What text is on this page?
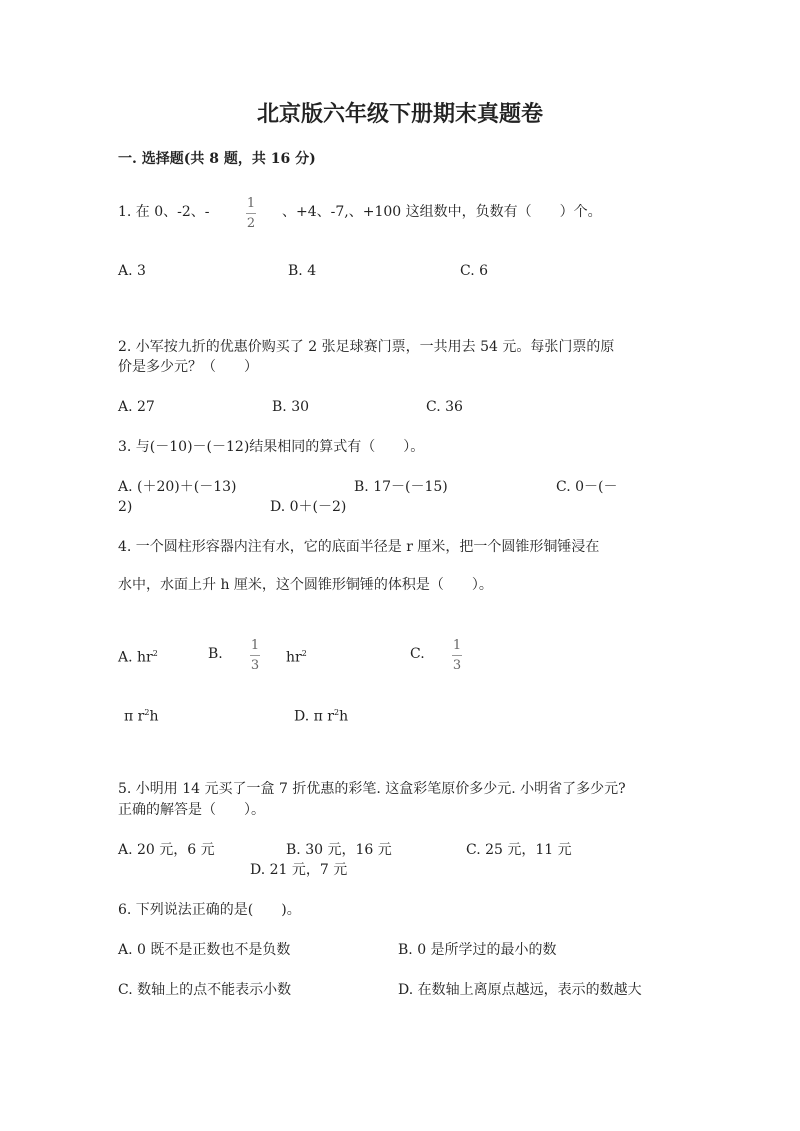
北京版六年级下册期末真题卷
一. 选择题(共 8 题，共 16 分)
1. 在 0、-2、-
1
2
、+4、-7,、+100 这组数中，负数有（　　）个。
A. 3	B. 4	C. 6
2. 小军按九折的优惠价购买了 2 张足球赛门票，一共用去 54 元。每张门票的原
价是多少元？（　　）
A. 27	B. 30	C. 36
3. 与(－10)－(－12)结果相同的算式有（　　）。
A. (＋20)＋(－13)	B. 17－(－15)	C. 0－(－
2)	D. 0＋(－2)
4. 一个圆柱形容器内注有水，它的底面半径是 r 厘米，把一个圆锥形铜锤浸在
水中，水面上升 h 厘米，这个圆锥形铜锤的体积是（　　）。
A. $hr^2$	B.
1
3 $hr^2$	C.
1
3
π $r^2h$	D. π $r^2h$
5. 小明用 14 元买了一盒 7 折优惠的彩笔. 这盒彩笔原价多少元. 小明省了多少元?
正确的解答是（　　）。
A. 20 元，6 元	B. 30 元，16 元	C. 25 元，11 元
D. 21 元，7 元
6. 下列说法正确的是(　　)。
A. 0 既不是正数也不是负数	B. 0 是所学过的最小的数
C. 数轴上的点不能表示小数	D. 在数轴上离原点越远，表示的数越大
